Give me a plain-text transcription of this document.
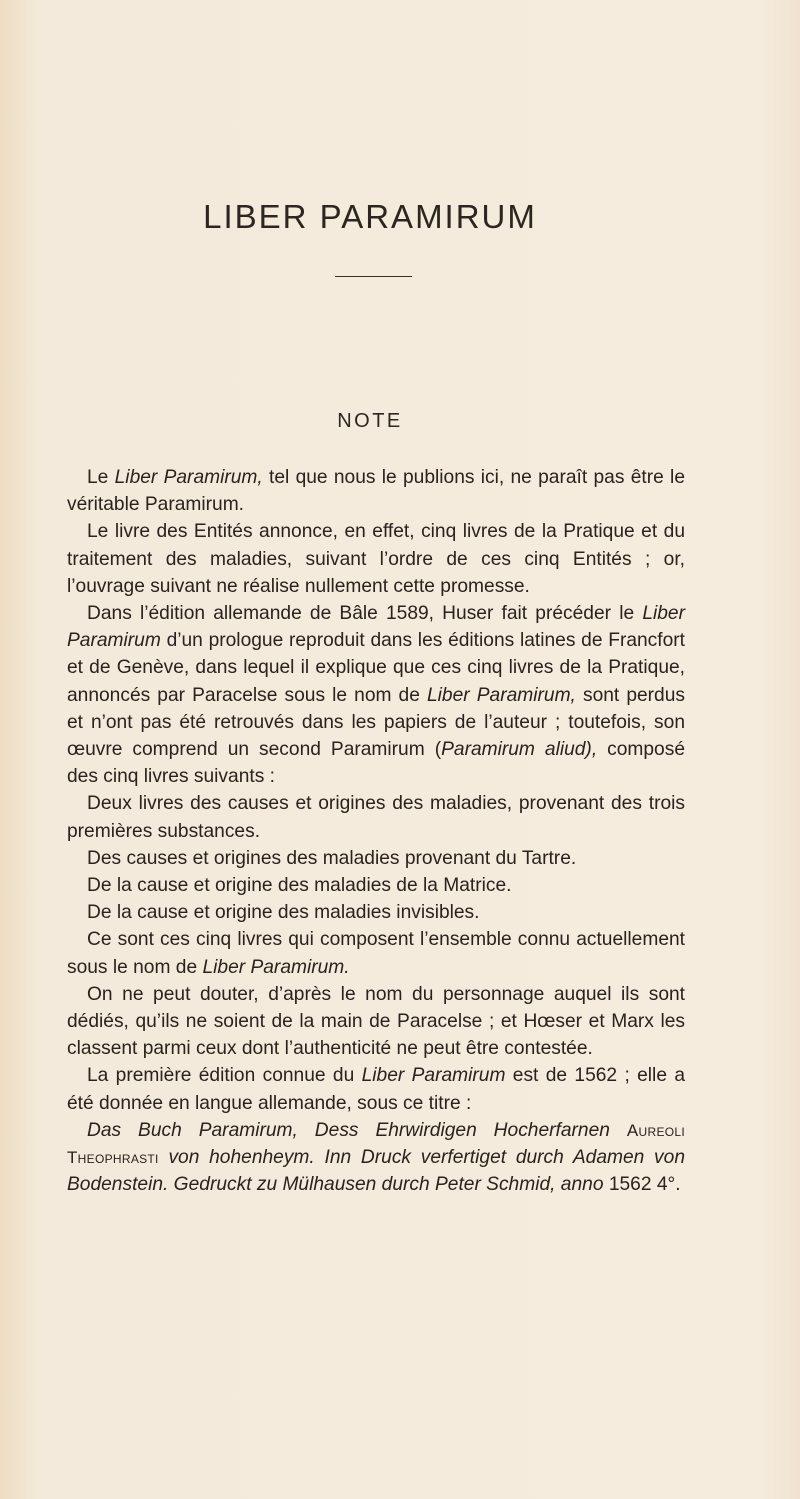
LIBER PARAMIRUM
NOTE

Le Liber Paramirum, tel que nous le publions ici, ne paraît pas être le véritable Paramirum.

Le livre des Entités annonce, en effet, cinq livres de la Pratique et du traitement des maladies, suivant l’ordre de ces cinq Entités ; or, l’ouvrage suivant ne réalise nullement cette promesse.

Dans l’édition allemande de Bâle 1589, Huser fait précéder le Liber Paramirum d’un prologue reproduit dans les éditions latines de Francfort et de Genève, dans lequel il explique que ces cinq livres de la Pratique, annoncés par Paracelse sous le nom de Liber Paramirum, sont perdus et n’ont pas été retrouvés dans les papiers de l’auteur ; toutefois, son œuvre comprend un second Paramirum (Paramirum aliud), composé des cinq livres suivants :

Deux livres des causes et origines des maladies, provenant des trois premières substances.

Des causes et origines des maladies provenant du Tartre.

De la cause et origine des maladies de la Matrice.

De la cause et origine des maladies invisibles.

Ce sont ces cinq livres qui composent l’ensemble connu actuellement sous le nom de Liber Paramirum.

On ne peut douter, d’après le nom du personnage auquel ils sont dédiés, qu’ils ne soient de la main de Paracelse ; et Hœser et Marx les classent parmi ceux dont l’authenticité ne peut être contestée.

La première édition connue du Liber Paramirum est de 1562 ; elle a été donnée en langue allemande, sous ce titre :

Das Buch Paramirum, Dess Ehrwirdigen Hocherfarnen Aureoli Theophrasti von hohenheym. Inn Druck verfertiget durch Adamen von Bodenstein. Gedruckt zu Mülhausen durch Peter Schmid, anno 1562 4°.
